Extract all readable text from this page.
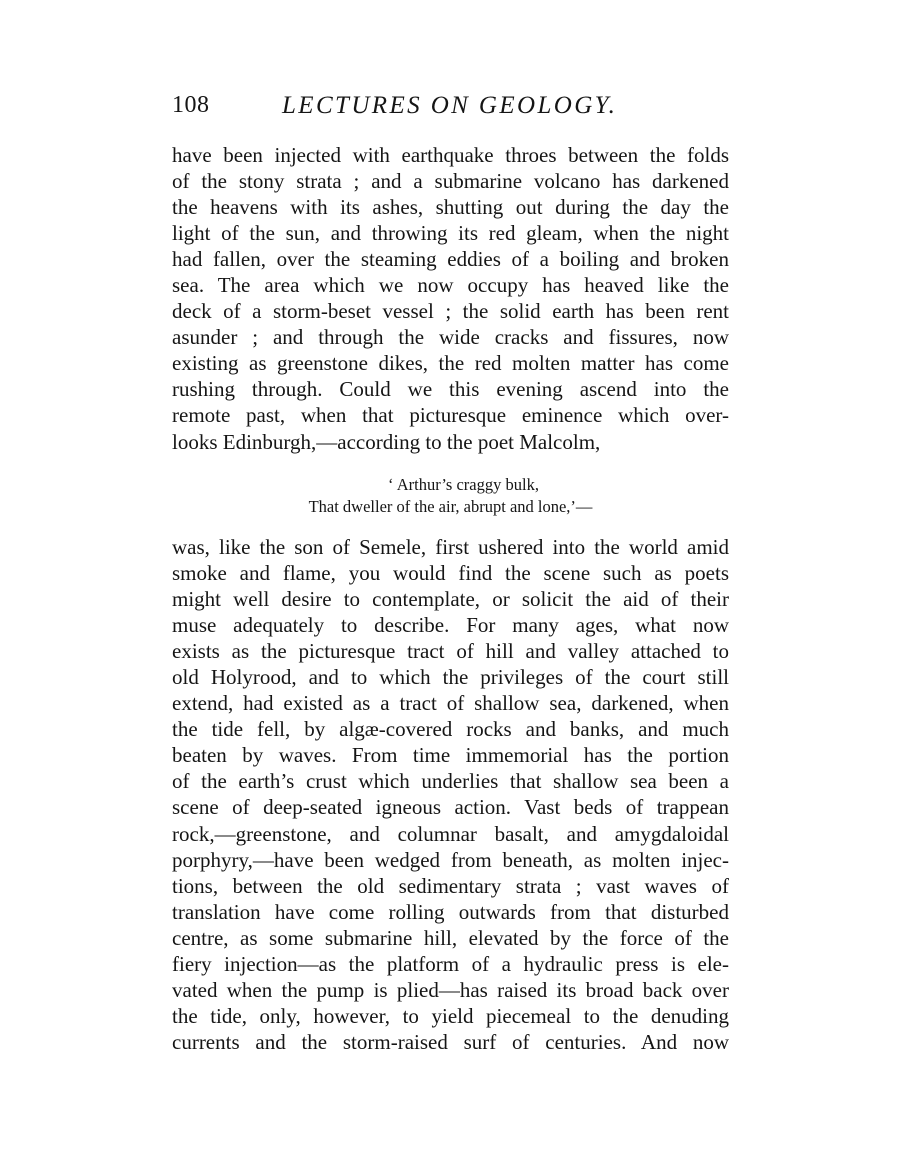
108	LECTURES ON GEOLOGY.
have been injected with earthquake throes between the folds
of the stony strata ; and a submarine volcano has darkened
the heavens with its ashes, shutting out during the day the
light of the sun, and throwing its red gleam, when the night
had fallen, over the steaming eddies of a boiling and broken
sea. The area which we now occupy has heaved like the
deck of a storm-beset vessel ; the solid earth has been rent
asunder ; and through the wide cracks and fissures, now
existing as greenstone dikes, the red molten matter has come
rushing through. Could we this evening ascend into the
remote past, when that picturesque eminence which over-
looks Edinburgh,—according to the poet Malcolm,
‘ Arthur’s craggy bulk,
That dweller of the air, abrupt and lone,’—
was, like the son of Semele, first ushered into the world amid
smoke and flame, you would find the scene such as poets
might well desire to contemplate, or solicit the aid of their
muse adequately to describe. For many ages, what now
exists as the picturesque tract of hill and valley attached to
old Holyrood, and to which the privileges of the court still
extend, had existed as a tract of shallow sea, darkened, when
the tide fell, by algæ-covered rocks and banks, and much
beaten by waves. From time immemorial has the portion
of the earth’s crust which underlies that shallow sea been a
scene of deep-seated igneous action. Vast beds of trappean
rock,—greenstone, and columnar basalt, and amygdaloidal
porphyry,—have been wedged from beneath, as molten injec-
tions, between the old sedimentary strata ; vast waves of
translation have come rolling outwards from that disturbed
centre, as some submarine hill, elevated by the force of the
fiery injection—as the platform of a hydraulic press is ele-
vated when the pump is plied—has raised its broad back over
the tide, only, however, to yield piecemeal to the denuding
currents and the storm-raised surf of centuries. And now
